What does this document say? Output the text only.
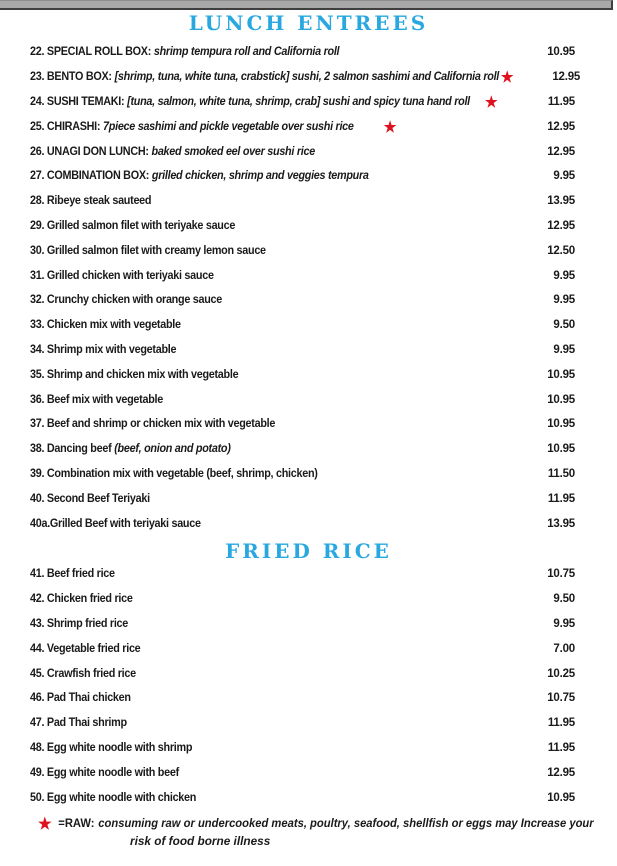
LUNCH ENTREES
22. SPECIAL ROLL BOX: shrimp tempura roll and California roll	10.95
23. BENTO BOX: [shrimp, tuna, white tuna, crabstick] sushi, 2 salmon sashimi and California roll ★	12.95
24. SUSHI TEMAKI: [tuna, salmon, white tuna, shrimp, crab] sushi and spicy tuna hand roll ★	11.95
25. CHIRASHI: 7piece sashimi and pickle vegetable over sushi rice ★	12.95
26. UNAGI DON LUNCH: baked smoked eel over sushi rice	12.95
27. COMBINATION BOX: grilled chicken, shrimp and veggies tempura	9.95
28. Ribeye steak sauteed	13.95
29. Grilled salmon filet with teriyake sauce	12.95
30. Grilled salmon filet with creamy lemon sauce	12.50
31. Grilled chicken with teriyaki sauce	9.95
32. Crunchy chicken with orange sauce	9.95
33. Chicken mix with vegetable	9.50
34. Shrimp mix with vegetable	9.95
35. Shrimp and chicken mix with vegetable	10.95
36. Beef mix with vegetable	10.95
37. Beef and shrimp or chicken mix with vegetable	10.95
38. Dancing beef (beef, onion and potato)	10.95
39. Combination mix with vegetable (beef, shrimp, chicken)	11.50
40. Second Beef Teriyaki	11.95
40a.Grilled Beef with teriyaki sauce	13.95
FRIED RICE
41. Beef fried rice	10.75
42. Chicken fried rice	9.50
43. Shrimp fried rice	9.95
44. Vegetable fried rice	7.00
45. Crawfish fried rice	10.25
46. Pad Thai chicken	10.75
47. Pad Thai shrimp	11.95
48. Egg white noodle with shrimp	11.95
49. Egg white noodle with beef	12.95
50. Egg white noodle with chicken	10.95
★ =RAW: consuming raw or undercooked meats, poultry, seafood, shellfish or eggs may Increase your
risk of food borne illness
